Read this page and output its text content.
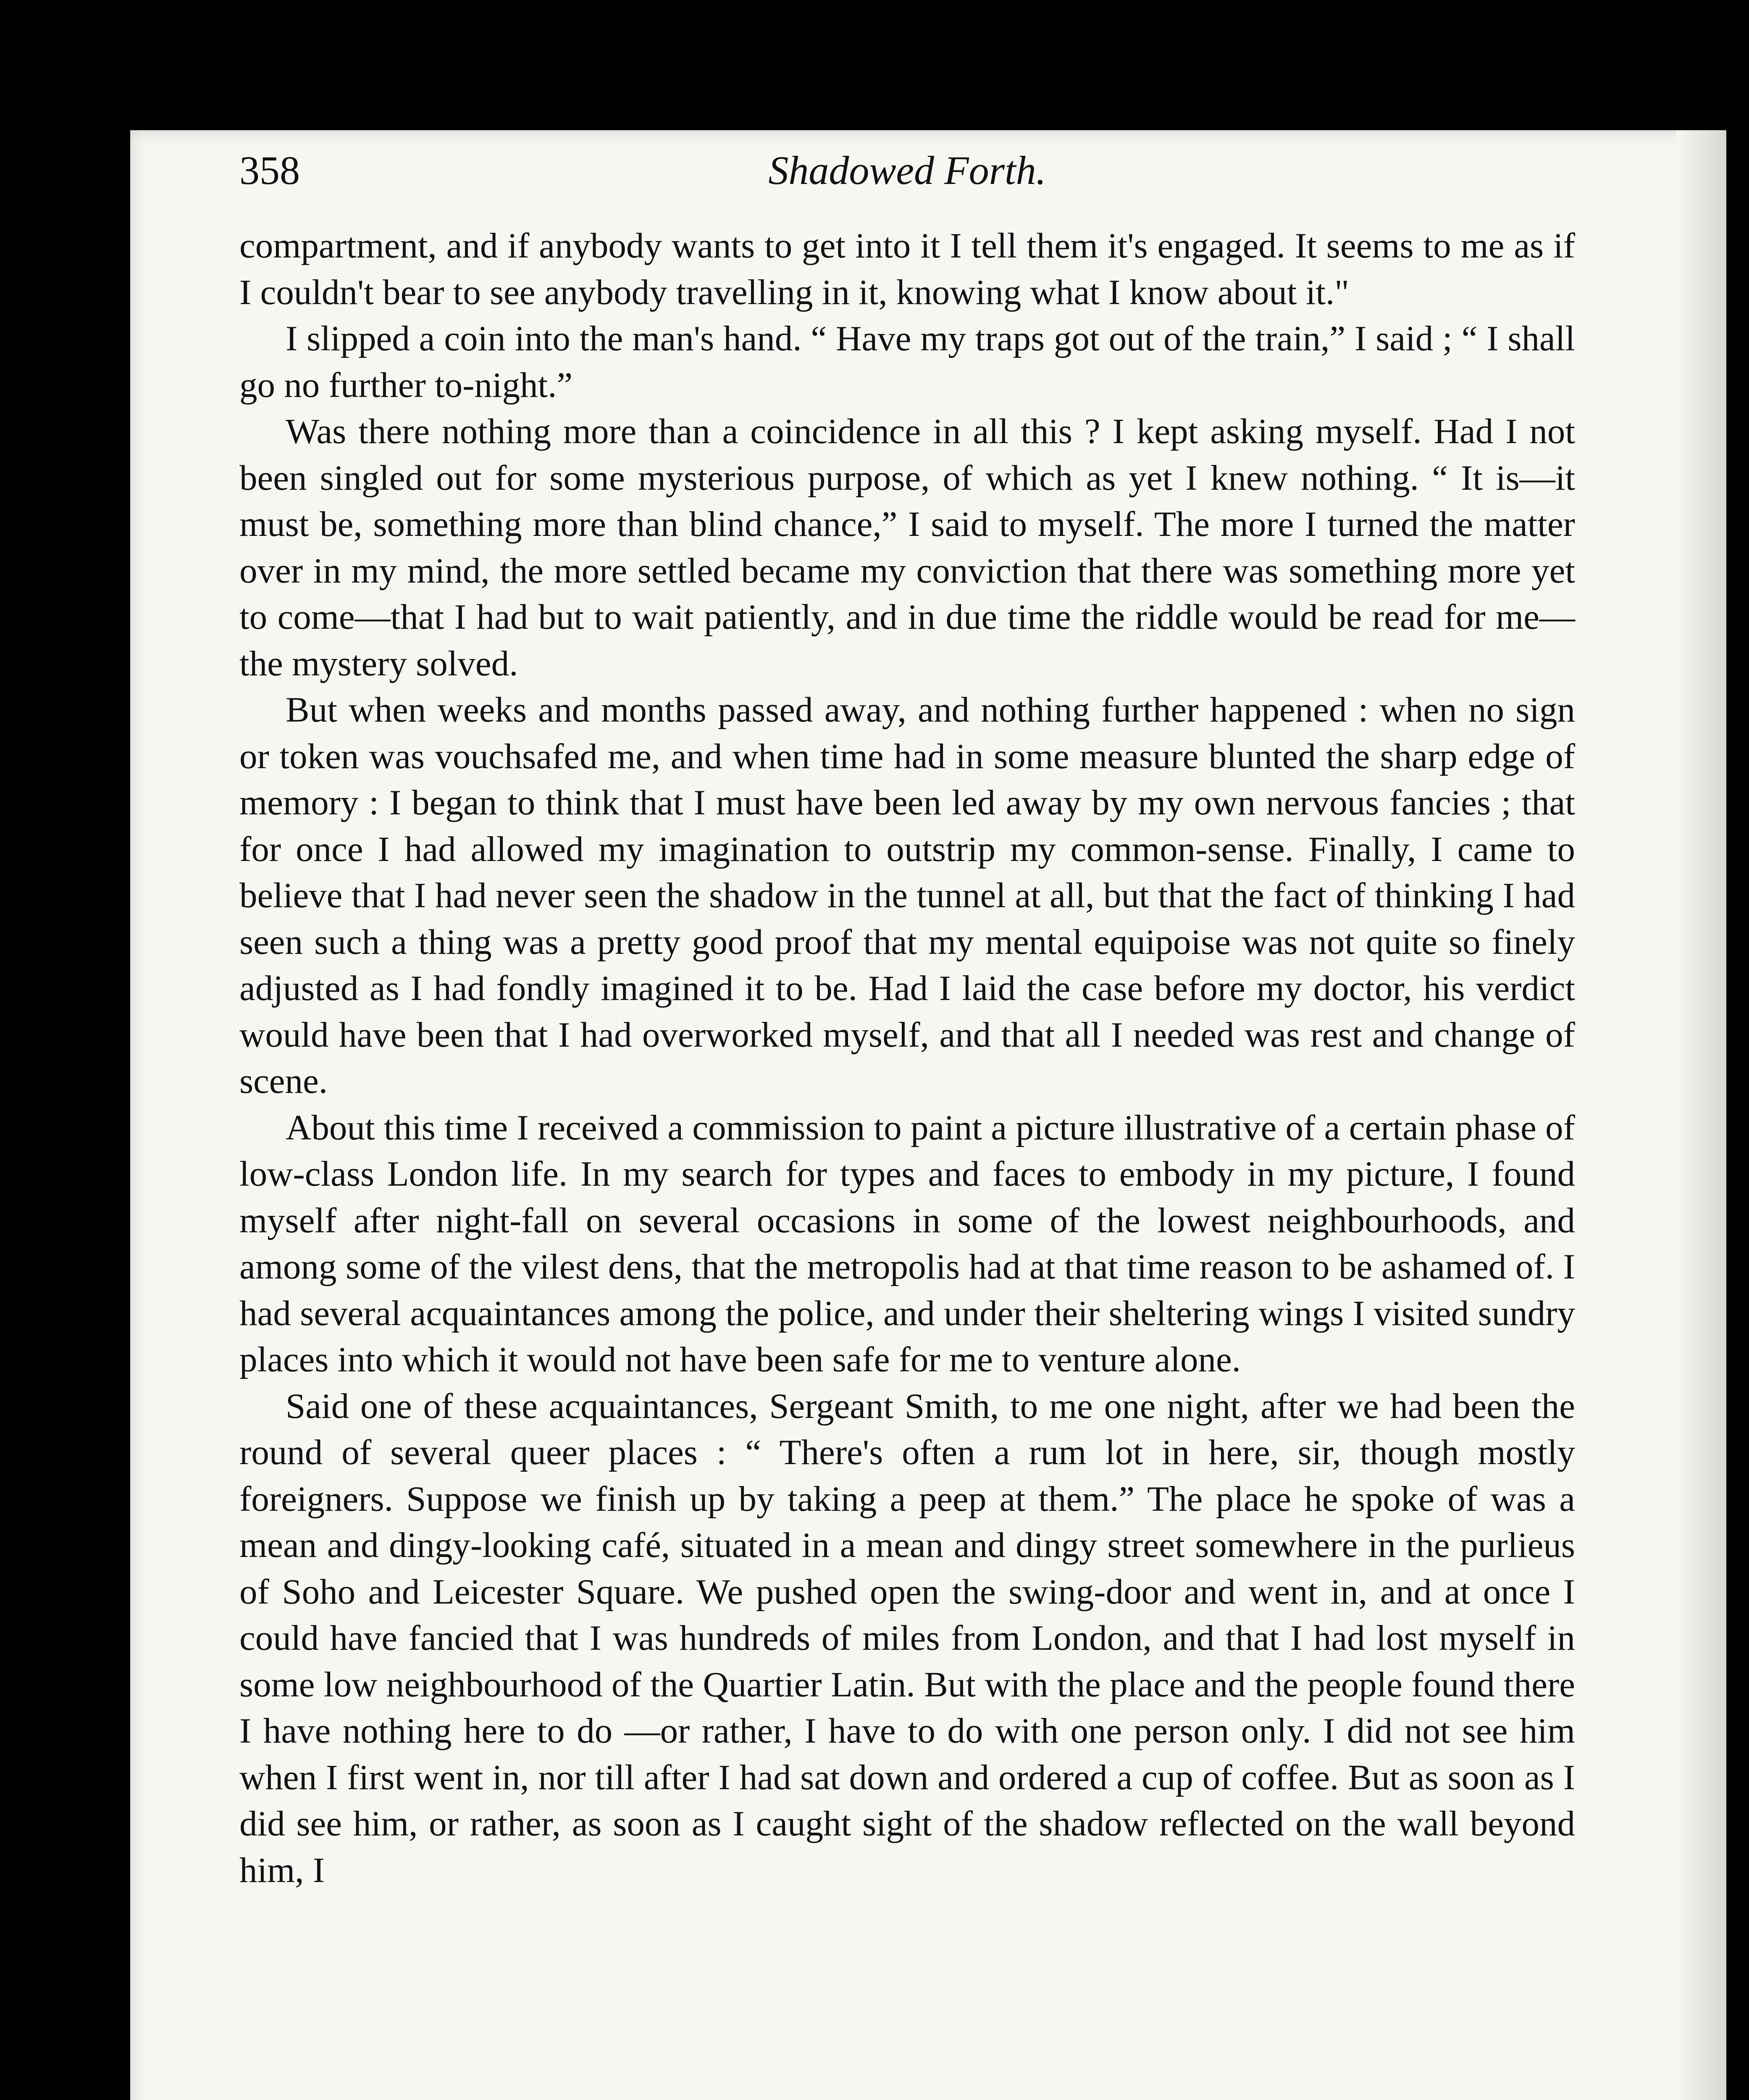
358	Shadowed Forth.

compartment, and if anybody wants to get into it I tell them it's engaged. It seems to me as if I couldn't bear to see anybody travelling in it, knowing what I know about it."

I slipped a coin into the man's hand. “ Have my traps got out of the train,” I said ; “ I shall go no further to-night.”

Was there nothing more than a coincidence in all this ? I kept asking myself. Had I not been singled out for some mysterious purpose, of which as yet I knew nothing. “ It is—it must be, something more than blind chance,” I said to myself. The more I turned the matter over in my mind, the more settled became my conviction that there was something more yet to come—that I had but to wait patiently, and in due time the riddle would be read for me—the mystery solved.

But when weeks and months passed away, and nothing further happened : when no sign or token was vouchsafed me, and when time had in some measure blunted the sharp edge of memory : I began to think that I must have been led away by my own nervous fancies ; that for once I had allowed my imagination to outstrip my common-sense. Finally, I came to believe that I had never seen the shadow in the tunnel at all, but that the fact of thinking I had seen such a thing was a pretty good proof that my mental equipoise was not quite so finely adjusted as I had fondly imagined it to be. Had I laid the case before my doctor, his verdict would have been that I had overworked myself, and that all I needed was rest and change of scene.

About this time I received a commission to paint a picture illustrative of a certain phase of low-class London life. In my search for types and faces to embody in my picture, I found myself after night-fall on several occasions in some of the lowest neighbourhoods, and among some of the vilest dens, that the metropolis had at that time reason to be ashamed of. I had several acquaintances among the police, and under their sheltering wings I visited sundry places into which it would not have been safe for me to venture alone.

Said one of these acquaintances, Sergeant Smith, to me one night, after we had been the round of several queer places : “ There's often a rum lot in here, sir, though mostly foreigners. Suppose we finish up by taking a peep at them.” The place he spoke of was a mean and dingy-looking café, situated in a mean and dingy street somewhere in the purlieus of Soho and Leicester Square. We pushed open the swing-door and went in, and at once I could have fancied that I was hundreds of miles from London, and that I had lost myself in some low neighbourhood of the Quartier Latin. But with the place and the people found there I have nothing here to do —or rather, I have to do with one person only. I did not see him when I first went in, nor till after I had sat down and ordered a cup of coffee. But as soon as I did see him, or rather, as soon as I caught sight of the shadow reflected on the wall beyond him, I
